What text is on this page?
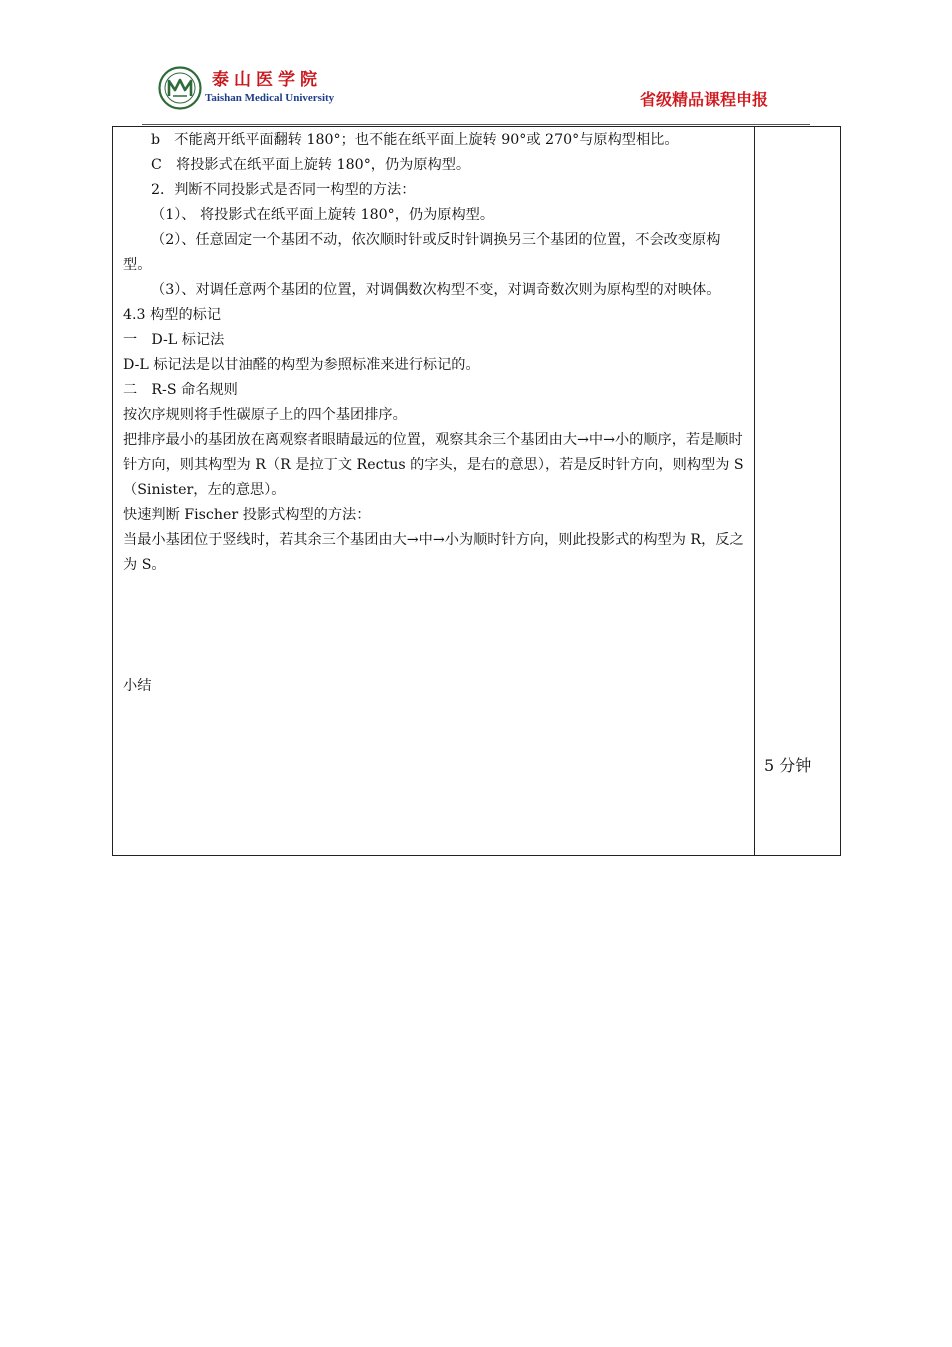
泰山医学院
Taishan Medical University	省级精品课程申报

b　不能离开纸平面翻转 180°；也不能在纸平面上旋转 90°或 270°与原构型相比。

C　将投影式在纸平面上旋转 180°，仍为原构型。

2．判断不同投影式是否同一构型的方法：

（1）、 将投影式在纸平面上旋转 180°，仍为原构型。

（2）、任意固定一个基团不动，依次顺时针或反时针调换另三个基团的位置，不会改变原构型。

（3）、对调任意两个基团的位置，对调偶数次构型不变，对调奇数次则为原构型的对映体。

4.3 构型的标记

一　D-L 标记法

D-L 标记法是以甘油醛的构型为参照标准来进行标记的。

二　R-S 命名规则

按次序规则将手性碳原子上的四个基团排序。

把排序最小的基团放在离观察者眼睛最远的位置，观察其余三个基团由大→中→小的顺序，若是顺时针方向，则其构型为 R（R 是拉丁文 Rectus 的字头，是右的意思），若是反时针方向，则构型为 S（Sinister，左的意思）。

快速判断 Fischer 投影式构型的方法：

当最小基团位于竖线时，若其余三个基团由大→中→小为顺时针方向，则此投影式的构型为 R，反之为 S。

小结
5 分钟
